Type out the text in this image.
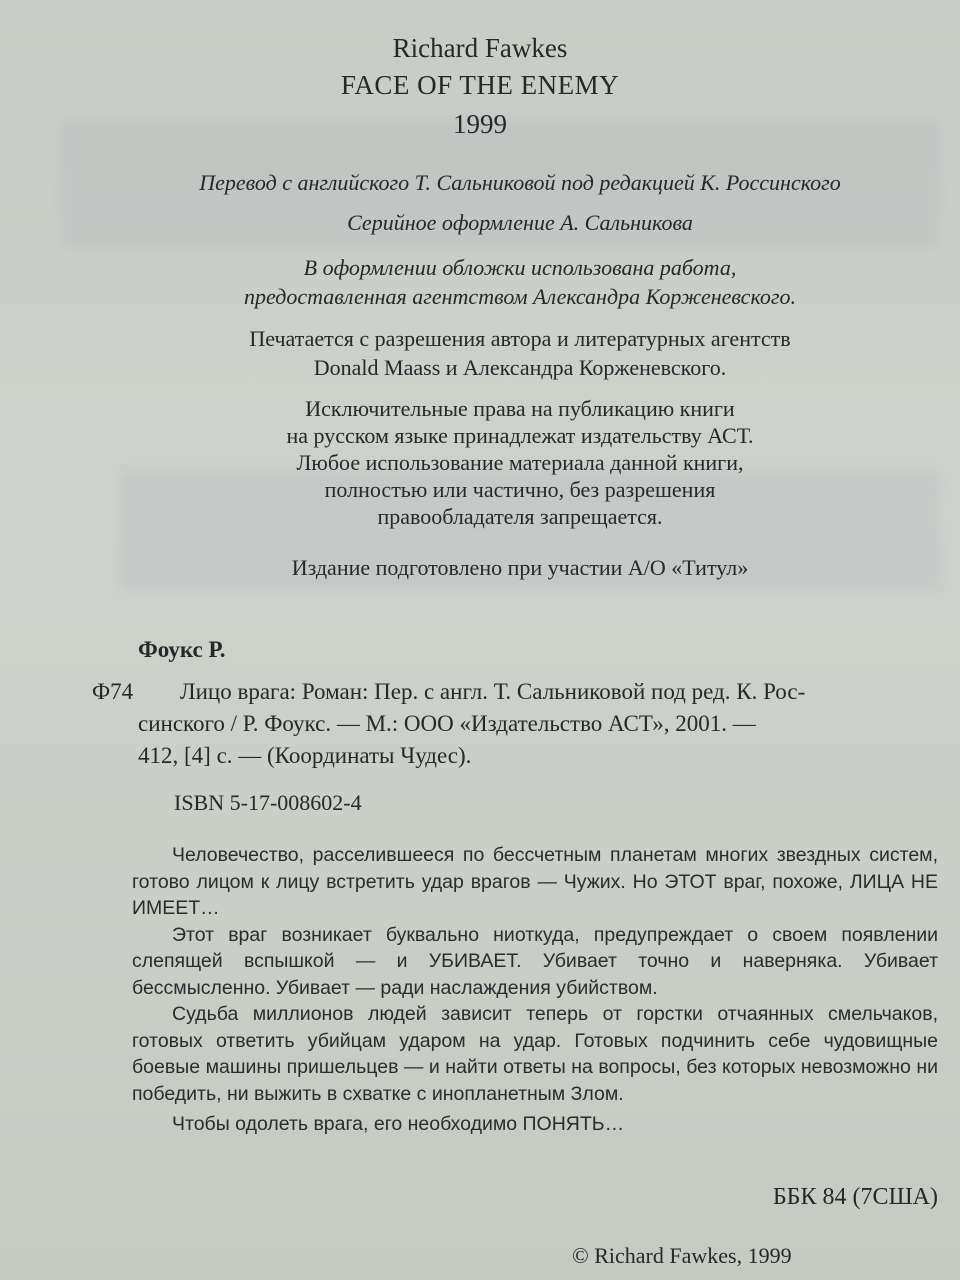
Richard Fawkes
FACE OF THE ENEMY
1999
Перевод с английского Т. Сальниковой под редакцией К. Россинского
Серийное оформление А. Сальникова
В оформлении обложки использована работа,
предоставленная агентством Александра Корженевского.
Печатается с разрешения автора и литературных агентств
Donald Maass и Александра Корженевского.
Исключительные права на публикацию книги
на русском языке принадлежат издательству АСТ.
Любое использование материала данной книги,
полностью или частично, без разрешения
правообладателя запрещается.
Издание подготовлено при участии А/О «Титул»
Фоукс Р.
Ф74 Лицо врага: Роман: Пер. с англ. Т. Сальниковой под ред. К. Рос-
синского / Р. Фоукс. — М.: ООО «Издательство АСТ», 2001. —
412, [4] с. — (Координаты Чудес).
ISBN 5-17-008602-4

Человечество, расселившееся по бессчетным планетам многих звездных систем, готово лицом к лицу встретить удар врагов — Чужих. Но ЭТОТ враг, похоже, ЛИЦА НЕ ИМЕЕТ…

Этот враг возникает буквально ниоткуда, предупреждает о своем появлении слепящей вспышкой — и УБИВАЕТ. Убивает точно и наверняка. Убивает бессмысленно. Убивает — ради наслаждения убийством.

Судьба миллионов людей зависит теперь от горстки отчаянных смельчаков, готовых ответить убийцам ударом на удар. Готовых подчинить себе чудовищные боевые машины пришельцев — и найти ответы на вопросы, без которых невозможно ни победить, ни выжить в схватке с инопланетным Злом.

Чтобы одолеть врага, его необходимо ПОНЯТЬ…

ББК 84 (7США)
© Richard Fawkes, 1999
